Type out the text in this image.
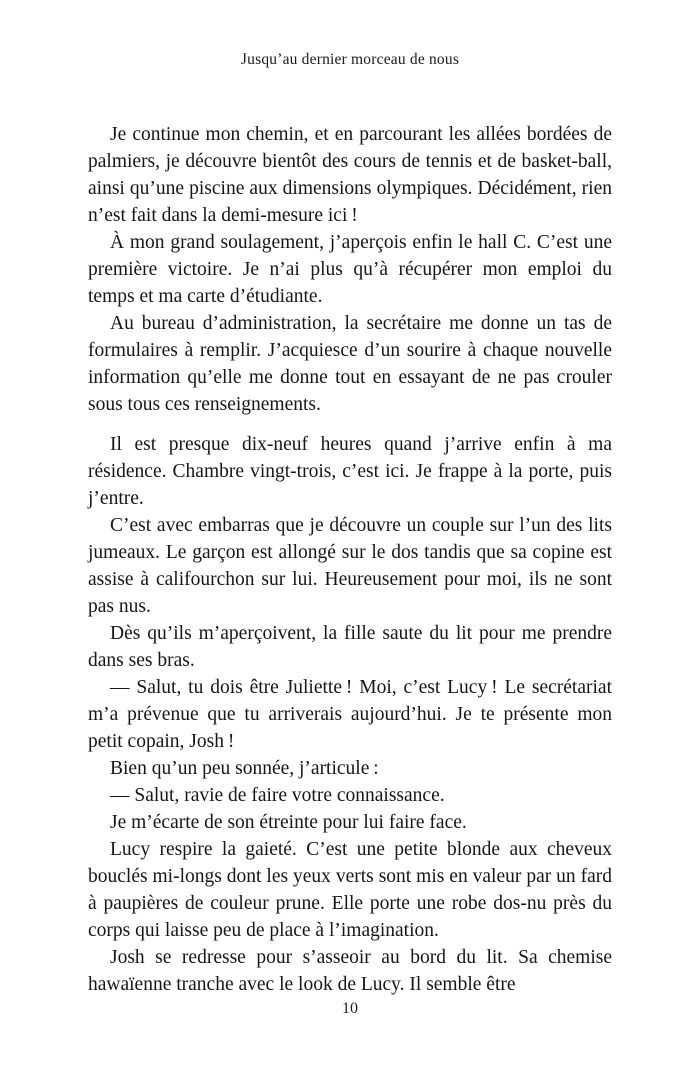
Jusqu’au dernier morceau de nous

Je continue mon chemin, et en parcourant les allées bordées de palmiers, je découvre bientôt des cours de tennis et de basket-ball, ainsi qu’une piscine aux dimensions olympiques. Décidément, rien n’est fait dans la demi-mesure ici !

À mon grand soulagement, j’aperçois enfin le hall C. C’est une première victoire. Je n’ai plus qu’à récupérer mon emploi du temps et ma carte d’étudiante.

Au bureau d’administration, la secrétaire me donne un tas de formulaires à remplir. J’acquiesce d’un sourire à chaque nouvelle information qu’elle me donne tout en essayant de ne pas crouler sous tous ces renseignements.

Il est presque dix-neuf heures quand j’arrive enfin à ma résidence. Chambre vingt-trois, c’est ici. Je frappe à la porte, puis j’entre.

C’est avec embarras que je découvre un couple sur l’un des lits jumeaux. Le garçon est allongé sur le dos tandis que sa copine est assise à califourchon sur lui. Heureusement pour moi, ils ne sont pas nus.

Dès qu’ils m’aperçoivent, la fille saute du lit pour me prendre dans ses bras.

— Salut, tu dois être Juliette ! Moi, c’est Lucy ! Le secrétariat m’a prévenue que tu arriverais aujourd’hui. Je te présente mon petit copain, Josh !

Bien qu’un peu sonnée, j’articule :

— Salut, ravie de faire votre connaissance.

Je m’écarte de son étreinte pour lui faire face.

Lucy respire la gaieté. C’est une petite blonde aux cheveux bouclés mi-longs dont les yeux verts sont mis en valeur par un fard à paupières de couleur prune. Elle porte une robe dos-nu près du corps qui laisse peu de place à l’imagination.

Josh se redresse pour s’asseoir au bord du lit. Sa chemise hawaïenne tranche avec le look de Lucy. Il semble être

10
